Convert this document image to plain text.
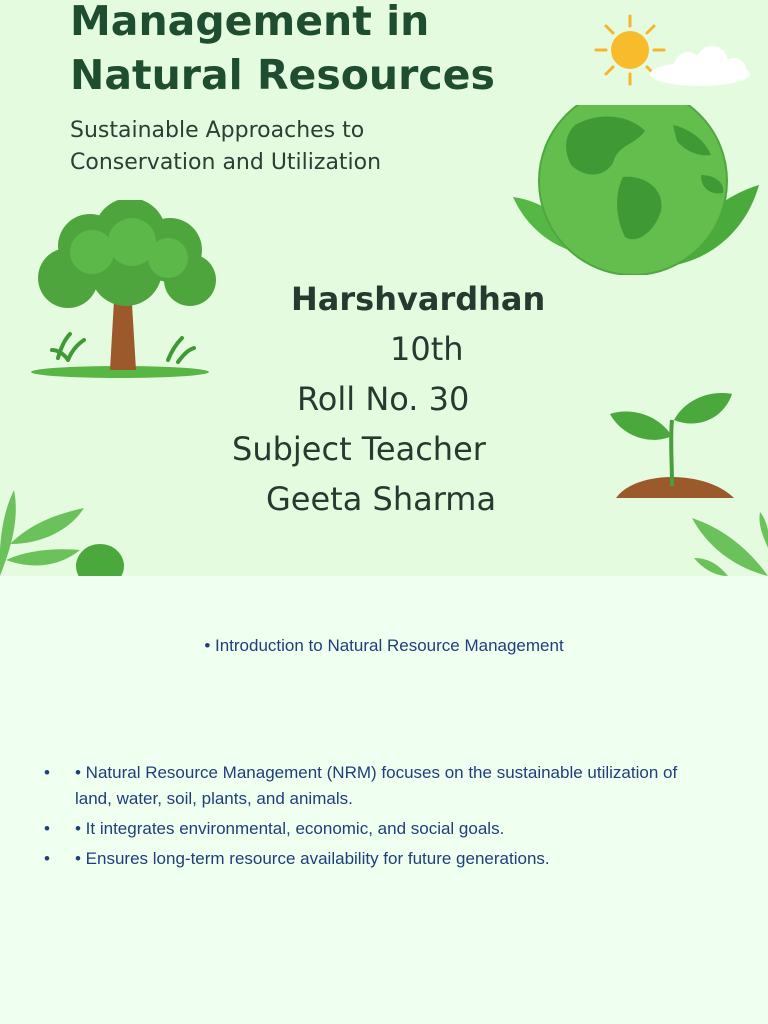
Management in
Natural Resources

Sustainable Approaches to
Conservation and Utilization

Harshvardhan
10th
Roll No. 30
Subject Teacher
Geeta Sharma
• Introduction to Natural Resource Management
• • Natural Resource Management (NRM) focuses on the sustainable utilization of land, water, soil, plants, and animals.
• • It integrates environmental, economic, and social goals.
• • Ensures long-term resource availability for future generations.
